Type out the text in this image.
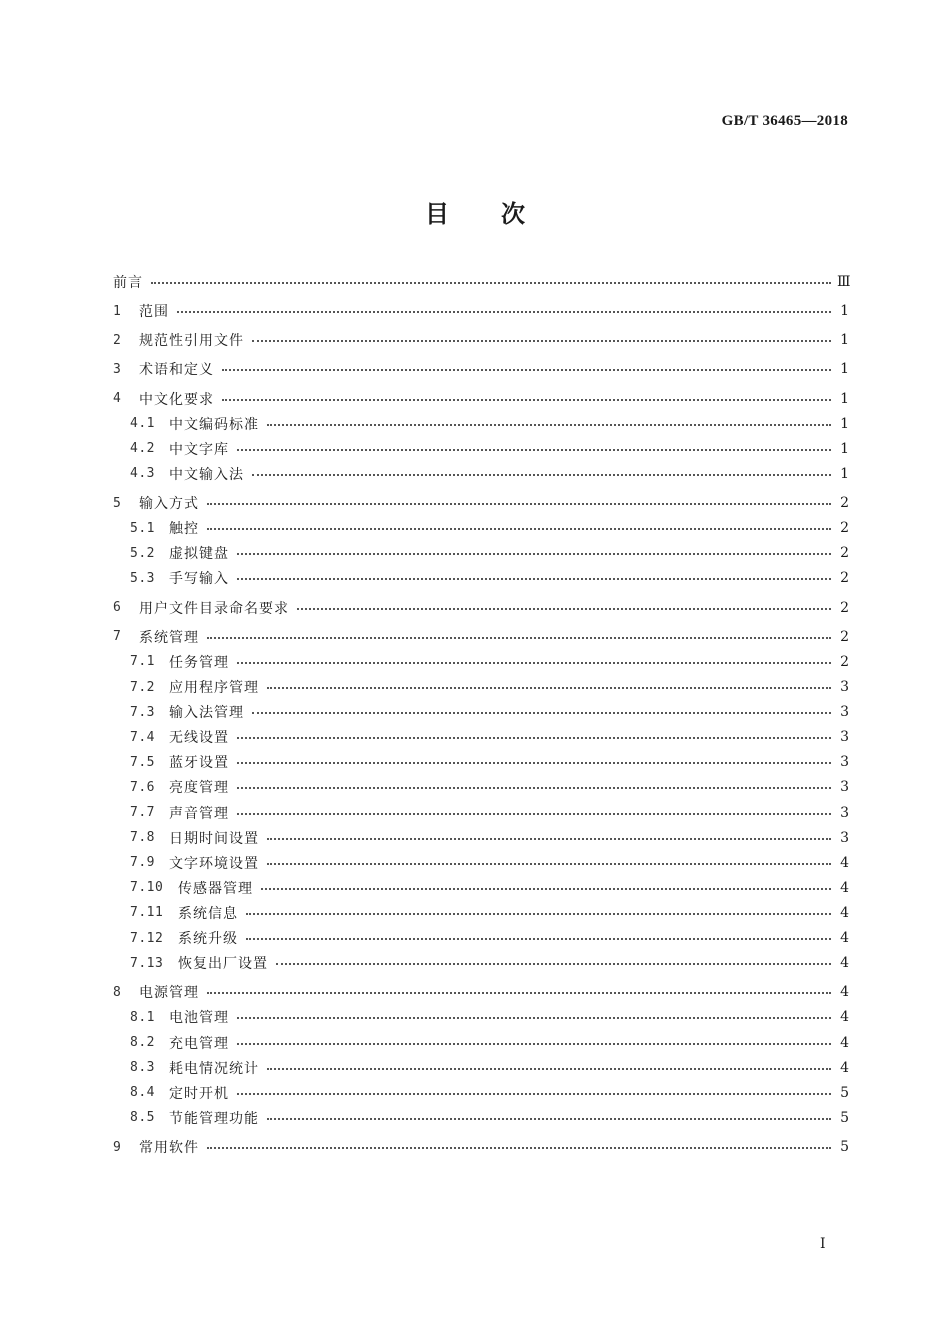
GB/T 36465—2018
目 次
前言	Ⅲ
1	范围	1
2	规范性引用文件	1
3	术语和定义	1
4	中文化要求	1
4.1	中文编码标准	1
4.2	中文字库	1
4.3	中文输入法	1
5	输入方式	2
5.1	触控	2
5.2	虚拟键盘	2
5.3	手写输入	2
6	用户文件目录命名要求	2
7	系统管理	2
7.1	任务管理	2
7.2	应用程序管理	3
7.3	输入法管理	3
7.4	无线设置	3
7.5	蓝牙设置	3
7.6	亮度管理	3
7.7	声音管理	3
7.8	日期时间设置	3
7.9	文字环境设置	4
7.10	传感器管理	4
7.11	系统信息	4
7.12	系统升级	4
7.13	恢复出厂设置	4
8	电源管理	4
8.1	电池管理	4
8.2	充电管理	4
8.3	耗电情况统计	4
8.4	定时开机	5
8.5	节能管理功能	5
9	常用软件	5
I
